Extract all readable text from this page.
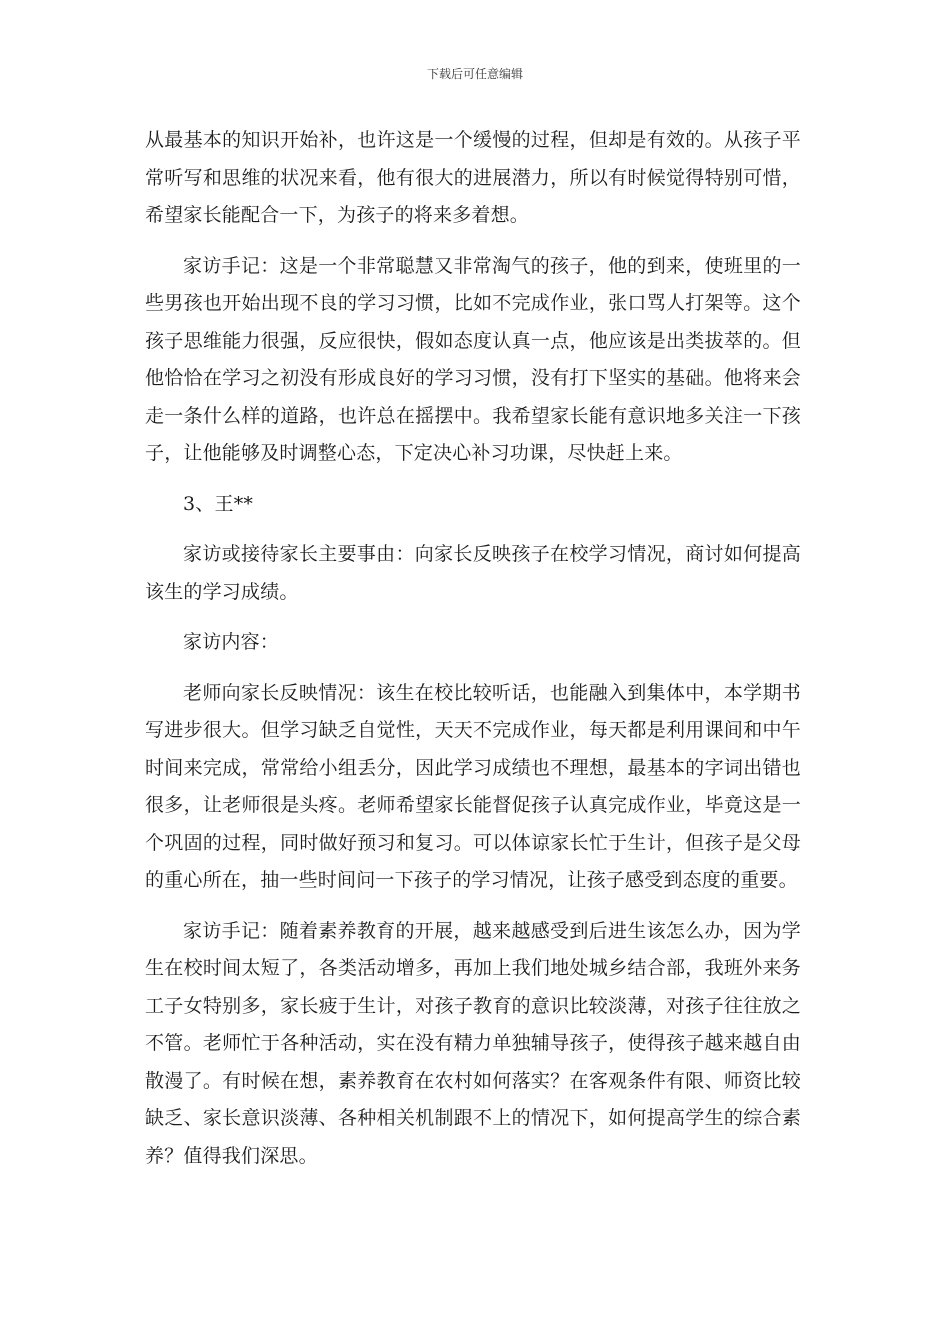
下载后可任意编辑

从最基本的知识开始补，也许这是一个缓慢的过程，但却是有效的。从孩子平常听写和思维的状况来看，他有很大的进展潜力，所以有时候觉得特别可惜，希望家长能配合一下，为孩子的将来多着想。

家访手记：这是一个非常聪慧又非常淘气的孩子，他的到来，使班里的一些男孩也开始出现不良的学习习惯，比如不完成作业，张口骂人打架等。这个孩子思维能力很强，反应很快，假如态度认真一点，他应该是出类拔萃的。但他恰恰在学习之初没有形成良好的学习习惯，没有打下坚实的基础。他将来会走一条什么样的道路，也许总在摇摆中。我希望家长能有意识地多关注一下孩子，让他能够及时调整心态，下定决心补习功课，尽快赶上来。

3、王**

家访或接待家长主要事由：向家长反映孩子在校学习情况，商讨如何提高该生的学习成绩。

家访内容：

老师向家长反映情况：该生在校比较听话，也能融入到集体中，本学期书写进步很大。但学习缺乏自觉性，天天不完成作业，每天都是利用课间和中午时间来完成，常常给小组丢分，因此学习成绩也不理想，最基本的字词出错也很多，让老师很是头疼。老师希望家长能督促孩子认真完成作业，毕竟这是一个巩固的过程，同时做好预习和复习。可以体谅家长忙于生计，但孩子是父母的重心所在，抽一些时间问一下孩子的学习情况，让孩子感受到态度的重要。

家访手记：随着素养教育的开展，越来越感受到后进生该怎么办，因为学生在校时间太短了，各类活动增多，再加上我们地处城乡结合部，我班外来务工子女特别多，家长疲于生计，对孩子教育的意识比较淡薄，对孩子往往放之不管。老师忙于各种活动，实在没有精力单独辅导孩子，使得孩子越来越自由散漫了。有时候在想，素养教育在农村如何落实？在客观条件有限、师资比较缺乏、家长意识淡薄、各种相关机制跟不上的情况下，如何提高学生的综合素养？值得我们深思。
